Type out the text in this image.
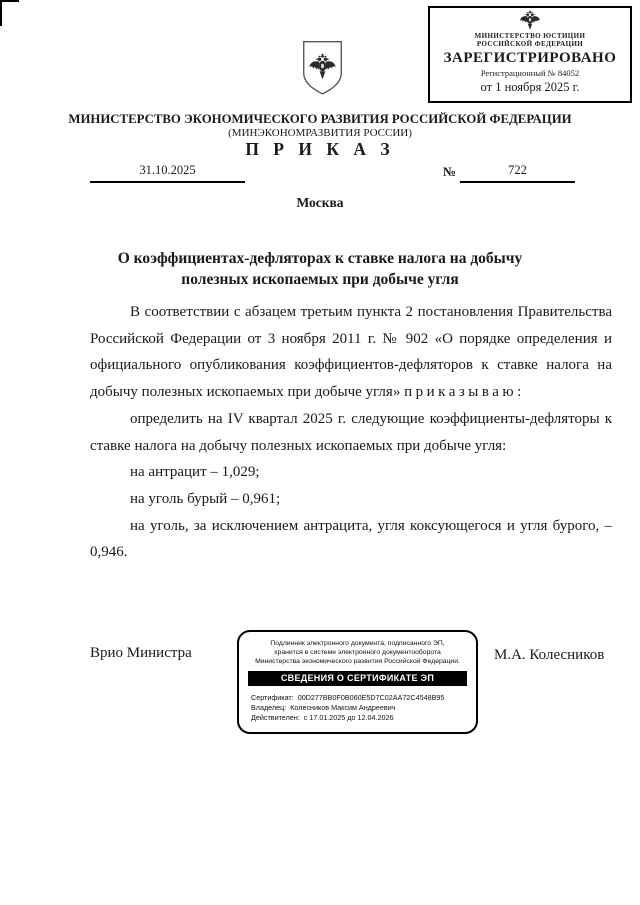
МИНИСТЕРСТВО ЮСТИЦИИ
РОССИЙСКОЙ ФЕДЕРАЦИИ
ЗАРЕГИСТРИРОВАНО
Регистрационный № 84052
от 1 ноября 2025 г.
МИНИСТЕРСТВО ЭКОНОМИЧЕСКОГО РАЗВИТИЯ РОССИЙСКОЙ ФЕДЕРАЦИИ
(МИНЭКОНОМРАЗВИТИЯ РОССИИ)
П Р И К А З
31.10.2025	№	722
Москва
О коэффициентах-дефляторах к ставке налога на добычу
полезных ископаемых при добыче угля

В соответствии с абзацем третьим пункта 2 постановления Правительства Российской Федерации от 3 ноября 2011 г. № 902 «О порядке определения и официального опубликования коэффициентов-дефляторов к ставке налога на добычу полезных ископаемых при добыче угля» приказываю:

определить на IV квартал 2025 г. следующие коэффициенты-дефляторы к ставке налога на добычу полезных ископаемых при добыче угля:

на антрацит – 1,029;

на уголь бурый – 0,961;

на уголь, за исключением антрацита, угля коксующегося и угля бурого, – 0,946.

Врио Министра
Подлинник электронного документа, подписанного ЭП,
хранится в системе электронного документооборота
Министерства экономического развития Российской Федерации.
СВЕДЕНИЯ О СЕРТИФИКАТЕ ЭП
Сертификат: 00D277BB0F0B060E5D7C02AA72C4548B95
Владелец: Колесников Максим Андреевич
Действителен: с 17.01.2025 до 12.04.2026
М.А. Колесников
